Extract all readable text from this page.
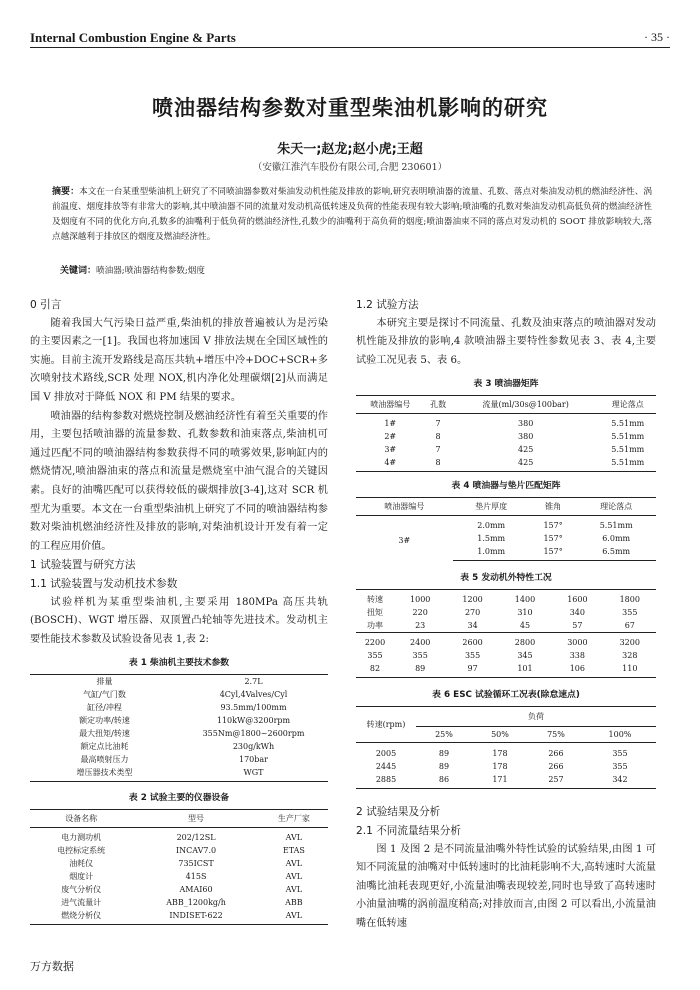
Internal Combustion Engine & Parts	· 35 ·
喷油器结构参数对重型柴油机影响的研究
朱天一;赵龙;赵小虎;王超
（安徽江淮汽车股份有限公司,合肥 230601）
摘要：本文在一台某重型柴油机上研究了不同喷油器参数对柴油发动机性能及排放的影响,研究表明喷油器的流量、孔数、落点对柴油发动机的燃油经济性、涡前温度、烟度排放等有非常大的影响,其中喷油器不同的流量对发动机高低转速及负荷的性能表现有较大影响;喷油嘴的孔数对柴油发动机高低负荷的燃油经济性及烟度有不同的优化方向,孔数多的油嘴利于低负荷的燃油经济性,孔数少的油嘴利于高负荷的烟度;喷油器油束不同的落点对发动机的 SOOT 排放影响较大,落点越深越利于排放区的烟度及燃油经济性。
关键词：喷油器;喷油器结构参数;烟度
0 引言
随着我国大气污染日益严重,柴油机的排放普遍被认为是污染的主要因素之一[1]。我国也将加速国 V 排放法规在全国区域性的实施。目前主流开发路线是高压共轨+增压中冷+DOC+SCR+多次喷射技术路线,SCR 处理 NOX,机内净化处理碳烟[2]从而满足国 V 排放对于降低 NOX 和 PM 结果的要求。
喷油器的结构参数对燃烧控制及燃油经济性有着至关重要的作用，主要包括喷油器的流量参数、孔数参数和油束落点,柴油机可通过匹配不同的喷油器结构参数获得不同的喷雾效果,影响缸内的燃烧情况,喷油器油束的落点和流量是燃烧室中油气混合的关键因素。良好的油嘴匹配可以获得较低的碳烟排放[3-4],这对 SCR 机型尤为重要。本文在一台重型柴油机上研究了不同的喷油器结构参数对柴油机燃油经济性及排放的影响,对柴油机设计开发有着一定的工程应用价值。
1 试验装置与研究方法
1.1 试验装置与发动机技术参数
试验样机为某重型柴油机,主要采用 180MPa 高压共轨(BOSCH)、WGT 增压器、双顶置凸轮轴等先进技术。发动机主要性能技术参数及试验设备见表 1,表 2:
表 1 柴油机主要技术参数

排量	2.7L
气缸/气门数	4Cyl,4Valves/Cyl
缸径/冲程	93.5mm/100mm
额定功率/转速	110kW@3200rpm
最大扭矩/转速	355Nm@1800~2600rpm
额定点比油耗	230g/kWh
最高喷射压力	170bar
增压器技术类型	WGT
表 2 试验主要的仪器设备
设备名称	型号	生产厂家
电力测功机	202/12SL	AVL
电控标定系统	INCAV7.0	ETAS
油耗仪	735ICST	AVL
烟度计	415S	AVL
废气分析仪	AMAI60	AVL
进气流量计	ABB_1200kg/h	ABB
燃烧分析仪	INDISET-622	AVL
1.2 试验方法
本研究主要是探讨不同流量、孔数及油束落点的喷油器对发动机性能及排放的影响,4 款喷油器主要特性参数见表 3、表 4,主要试验工况见表 5、表 6。
表 3 喷油器矩阵
喷油器编号	孔数	流量(ml/30s@100bar)	理论落点
1#	7	380	5.51mm
2#	8	380	5.51mm
3#	7	425	5.51mm
4#	8	425	5.51mm
表 4 喷油器与垫片匹配矩阵
喷油器编号	垫片厚度	锥角	理论落点
3#	2.0mm	157°	5.51mm
	1.5mm	157°	6.0mm
	1.0mm	157°	6.5mm
表 5 发动机外特性工况
转速	1000	1200	1400	1600	1800
扭矩	220	270	310	340	355
功率	23	34	45	57	67
2200	2400	2600	2800	3000	3200
355	355	355	345	338	328
82	89	97	101	106	110
表 6 ESC 试验循环工况表(除怠速点)
转速(rpm)	负荷			
	25%	50%	75%	100%
2005	89	178	266	355
2445	89	178	266	355
2885	86	171	257	342
2 试验结果及分析
2.1 不同流量结果分析
图 1 及图 2 是不同流量油嘴外特性试验的试验结果,由图 1 可知不同流量的油嘴对中低转速时的比油耗影响不大,高转速时大流量油嘴比油耗表现更好,小流量油嘴表现较差,同时也导致了高转速时小油量油嘴的涡前温度稍高;对排放而言,由图 2 可以看出,小流量油嘴在低转速
万方数据
